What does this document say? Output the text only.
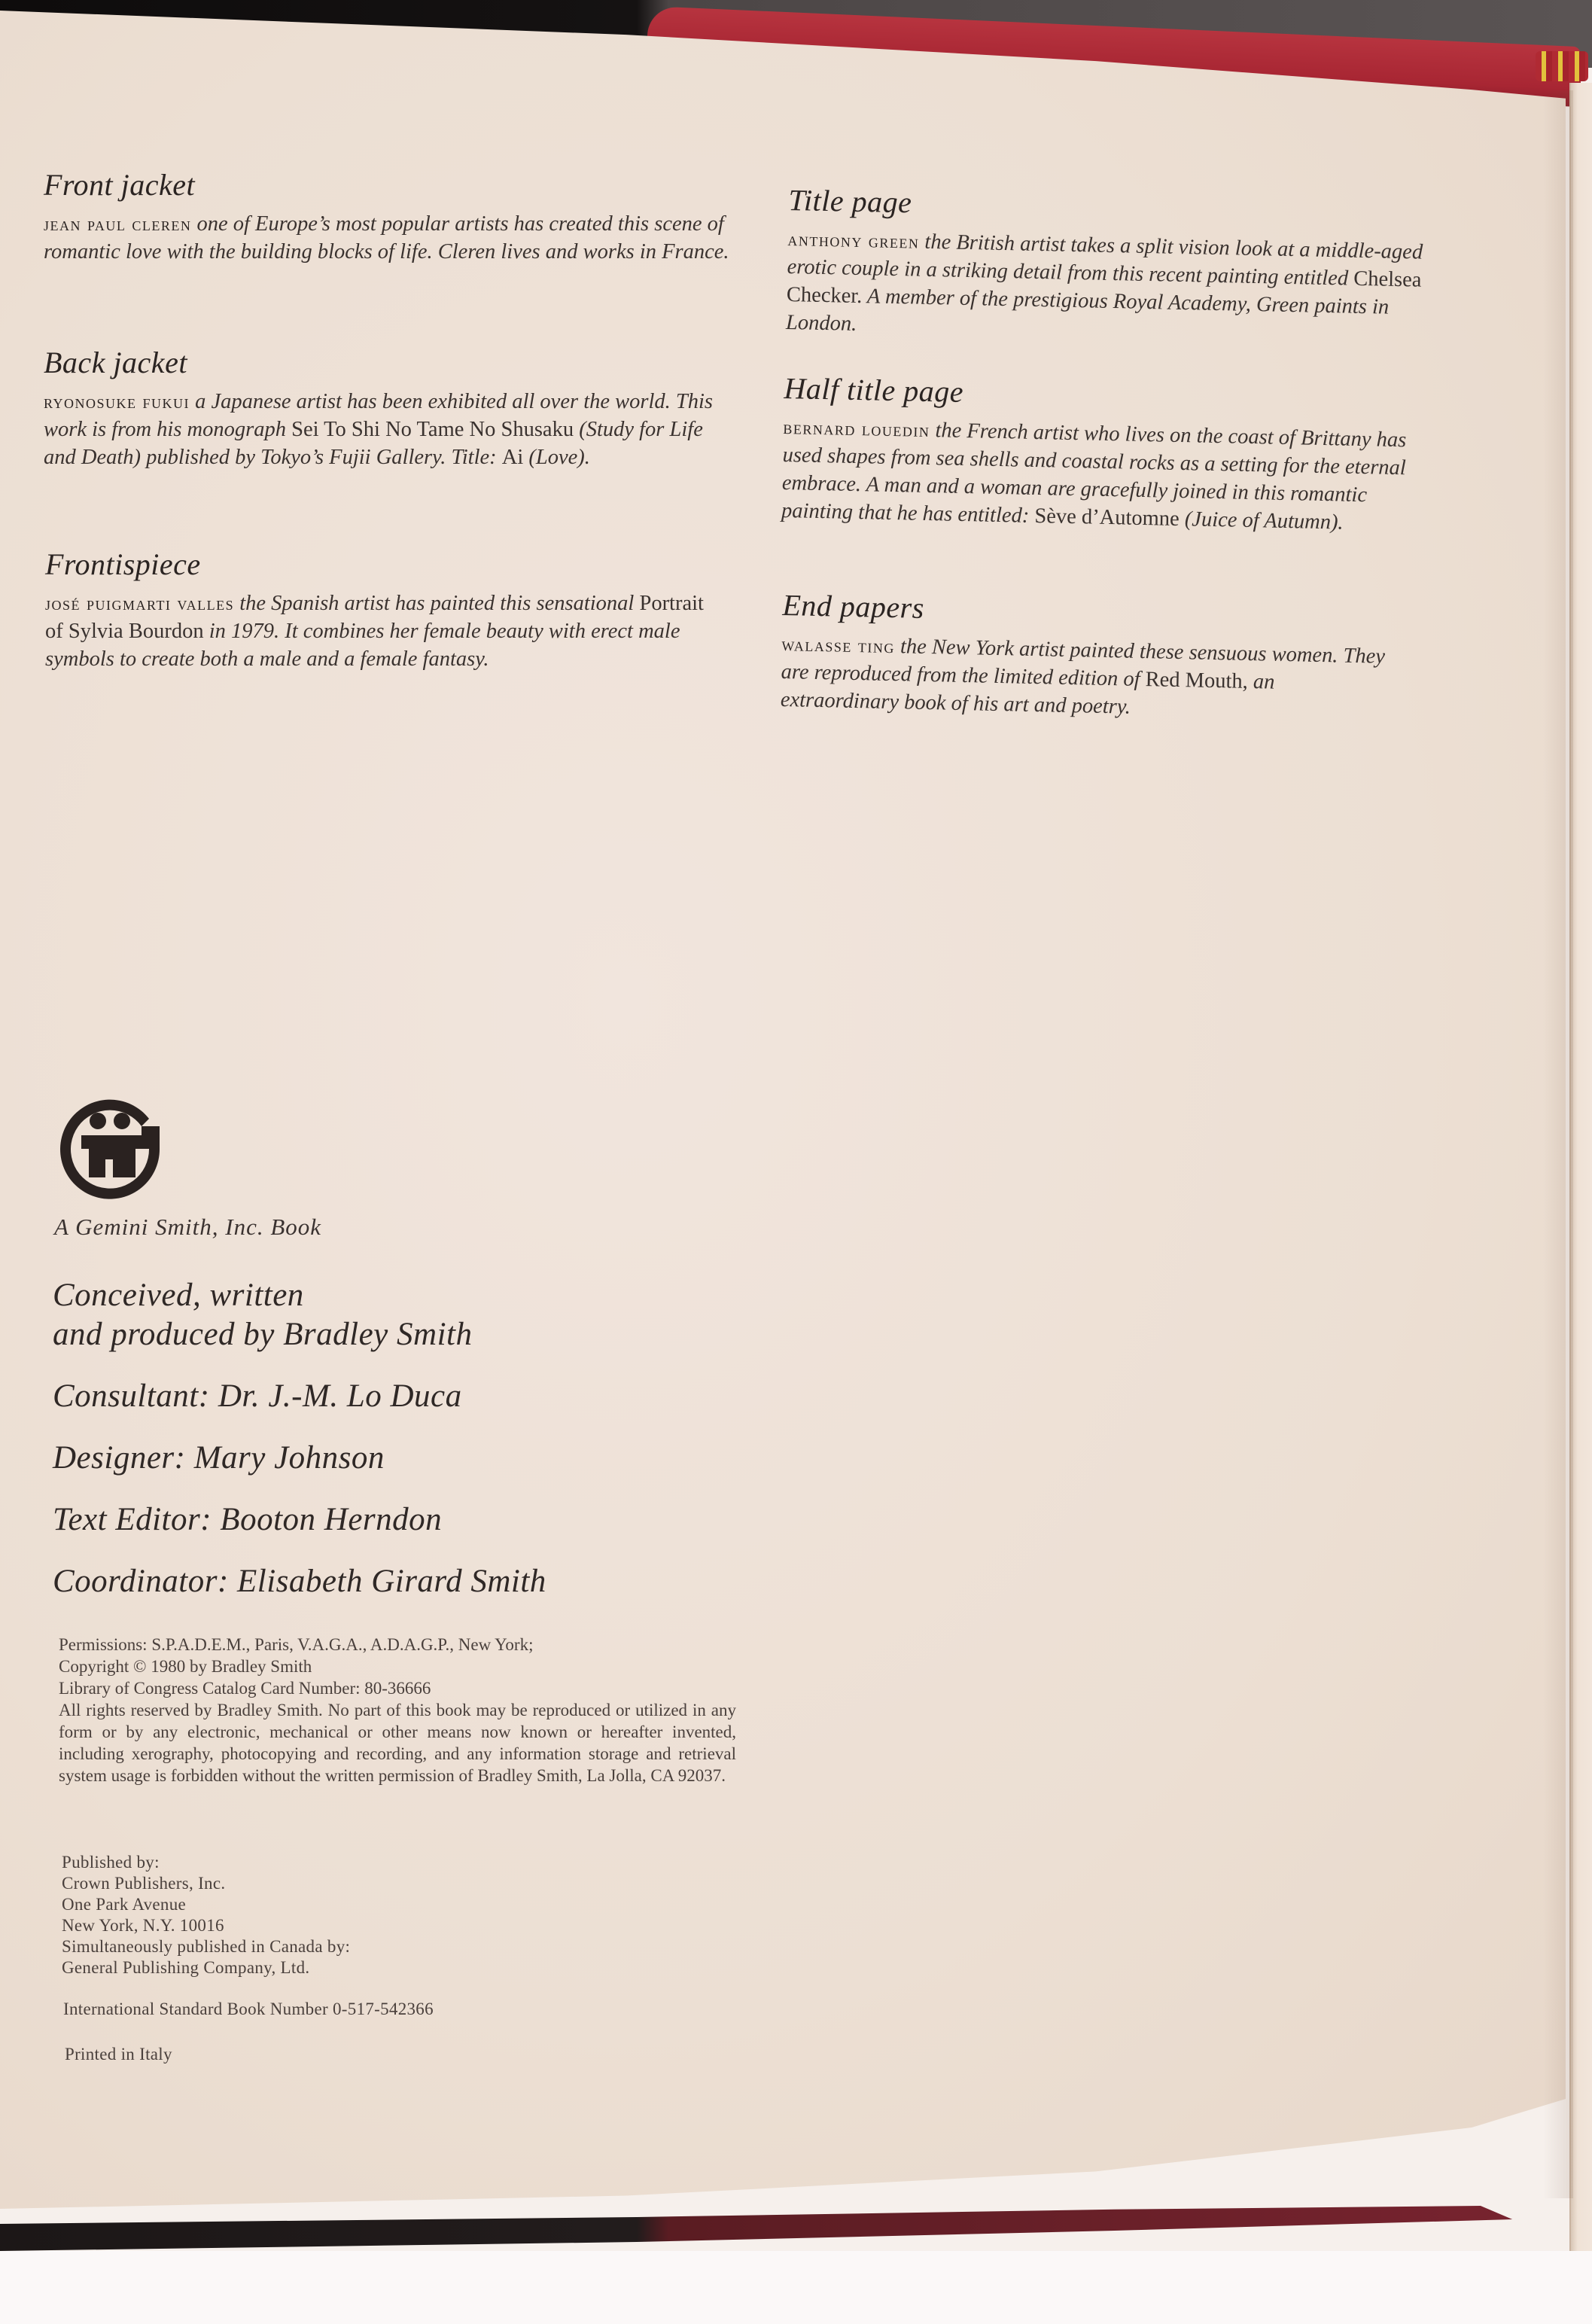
Front jacket

jean paul cleren one of Europe’s most popular artists has created this scene of romantic love with the building blocks of life. Cleren lives and works in France.

Back jacket

ryonosuke fukui a Japanese artist has been exhibited all over the world. This work is from his monograph Sei To Shi No Tame No Shusaku (Study for Life and Death) published by Tokyo’s Fujii Gallery. Title: Ai (Love).

Frontispiece

josé puigmarti valles the Spanish artist has painted this sensational Portrait of Sylvia Bourdon in 1979. It combines her female beauty with erect male symbols to create both a male and a female fantasy.

Title page

anthony green the British artist takes a split vision look at a middle-aged erotic couple in a striking detail from this recent painting entitled Chelsea Checker. A member of the prestigious Royal Academy, Green paints in London.

Half title page

bernard louedin the French artist who lives on the coast of Brittany has used shapes from sea shells and coastal rocks as a setting for the eternal embrace. A man and a woman are gracefully joined in this romantic painting that he has entitled: Sève d’Automne (Juice of Autumn).

End papers

walasse ting the New York artist painted these sensuous women. They are reproduced from the limited edition of Red Mouth, an extraordinary book of his art and poetry.

A Gemini Smith, Inc. Book
Conceived, written
and produced by Bradley Smith
Consultant: Dr. J.-M. Lo Duca
Designer: Mary Johnson
Text Editor: Booton Herndon
Coordinator: Elisabeth Girard Smith
Permissions: S.P.A.D.E.M., Paris, V.A.G.A., A.D.A.G.P., New York;
Copyright © 1980 by Bradley Smith
Library of Congress Catalog Card Number: 80-36666
All rights reserved by Bradley Smith. No part of this book may be reproduced or utilized in any form or by any electronic, mechanical or other means now known or hereafter invented, including xerography, photocopying and recording, and any information storage and retrieval system usage is forbidden without the written permission of Bradley Smith, La Jolla, CA 92037.
Published by:
Crown Publishers, Inc.
One Park Avenue
New York, N.Y. 10016
Simultaneously published in Canada by:
General Publishing Company, Ltd.
International Standard Book Number 0-517-542366
Printed in Italy
